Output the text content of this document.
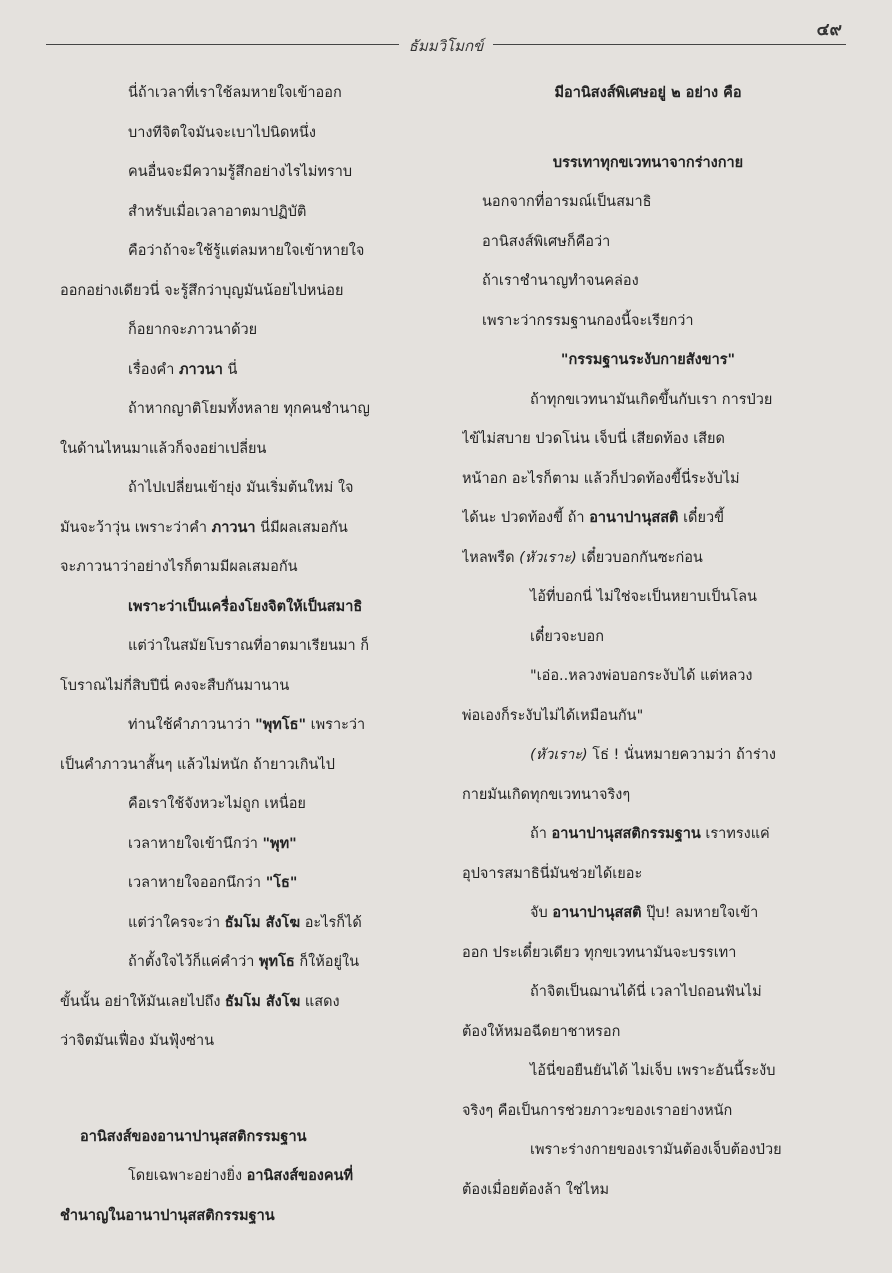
๔๙
ธัมมวิโมกข์
นี่ถ้าเวลาที่เราใช้ลมหายใจเข้าออก
บางทีจิตใจมันจะเบาไปนิดหนึ่ง
คนอื่นจะมีความรู้สึกอย่างไรไม่ทราบ
สำหรับเมื่อเวลาอาตมาปฏิบัติ
คือว่าถ้าจะใช้รู้แต่ลมหายใจเข้าหายใจ
ออกอย่างเดียวนี่ จะรู้สึกว่าบุญมันน้อยไปหน่อย
ก็อยากจะภาวนาด้วย
เรื่องคำ ภาวนา นี่
ถ้าหากญาติโยมทั้งหลาย ทุกคนชำนาญ
ในด้านไหนมาแล้วก็จงอย่าเปลี่ยน
ถ้าไปเปลี่ยนเข้ายุ่ง มันเริ่มต้นใหม่ ใจ
มันจะว้าวุ่น เพราะว่าคำ ภาวนา นี่มีผลเสมอกัน
จะภาวนาว่าอย่างไรก็ตามมีผลเสมอกัน
เพราะว่าเป็นเครื่องโยงจิตให้เป็นสมาธิ
แต่ว่าในสมัยโบราณที่อาตมาเรียนมา ก็
โบราณไม่กี่สิบปีนี่ คงจะสืบกันมานาน
ท่านใช้คำภาวนาว่า "พุทโธ" เพราะว่า
เป็นคำภาวนาสั้นๆ แล้วไม่หนัก ถ้ายาวเกินไป
คือเราใช้จังหวะไม่ถูก เหนื่อย
เวลาหายใจเข้านึกว่า "พุท"
เวลาหายใจออกนึกว่า "โธ"
แต่ว่าใครจะว่า ธัมโม สังโฆ อะไรก็ได้
ถ้าตั้งใจไว้ก็แค่คำว่า พุทโธ ก็ให้อยู่ใน
ขั้นนั้น อย่าให้มันเลยไปถึง ธัมโม สังโฆ แสดง
ว่าจิตมันเฟื่อง มันฟุ้งซ่าน
อานิสงส์ของอานาปานุสสติกรรมฐาน
โดยเฉพาะอย่างยิ่ง อานิสงส์ของคนที่
ชำนาญในอานาปานุสสติกรรมฐาน
มีอานิสงส์พิเศษอยู่ ๒ อย่าง คือ
บรรเทาทุกขเวทนาจากร่างกาย
นอกจากที่อารมณ์เป็นสมาธิ
อานิสงส์พิเศษก็คือว่า
ถ้าเราชำนาญทำจนคล่อง
เพราะว่ากรรมฐานกองนี้จะเรียกว่า
"กรรมฐานระงับกายสังขาร"
ถ้าทุกขเวทนามันเกิดขึ้นกับเรา การป่วย
ไข้ไม่สบาย ปวดโน่น เจ็บนี่ เสียดท้อง เสียด
หน้าอก อะไรก็ตาม แล้วก็ปวดท้องขี้นี่ระงับไม่
ได้นะ ปวดท้องขี้ ถ้า อานาปานุสสติ เดี๋ยวขี้
ไหลพรืด (หัวเราะ) เดี๋ยวบอกกันซะก่อน
ไอ้ที่บอกนี่ ไม่ใช่จะเป็นหยาบเป็นโลน
เดี๋ยวจะบอก
"เอ่อ..หลวงพ่อบอกระงับได้ แต่หลวง
พ่อเองก็ระงับไม่ได้เหมือนกัน"
(หัวเราะ) โธ่ ! นั่นหมายความว่า ถ้าร่าง
กายมันเกิดทุกขเวทนาจริงๆ
ถ้า อานาปานุสสติกรรมฐาน เราทรงแค่
อุปจารสมาธินี่มันช่วยได้เยอะ
จับ อานาปานุสสติ ปุ๊บ! ลมหายใจเข้า
ออก ประเดี๋ยวเดียว ทุกขเวทนามันจะบรรเทา
ถ้าจิตเป็นฌานได้นี่ เวลาไปถอนฟันไม่
ต้องให้หมอฉีดยาชาหรอก
ไอ้นี่ขอยืนยันได้ ไม่เจ็บ เพราะอันนี้ระงับ
จริงๆ คือเป็นการช่วยภาวะของเราอย่างหนัก
เพราะร่างกายของเรามันต้องเจ็บต้องป่วย
ต้องเมื่อยต้องล้า ใช่ไหม
